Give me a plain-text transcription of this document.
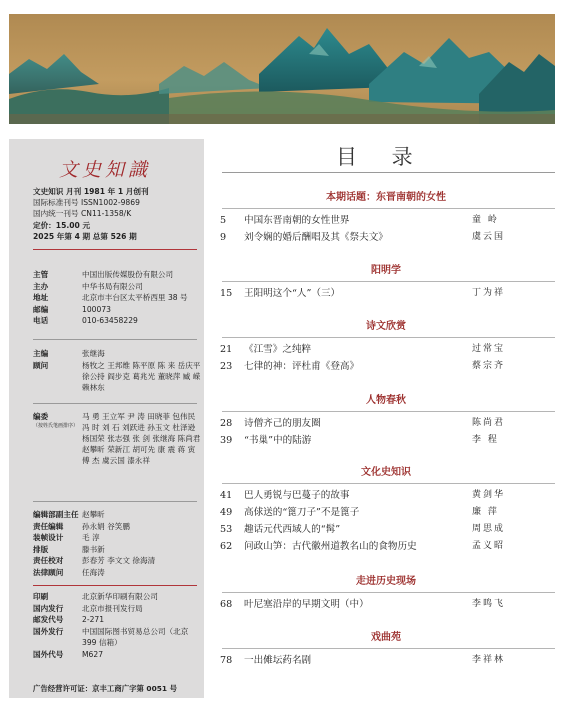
文史知識
文史知识 月刊 1981 年 1 月创刊
国际标准刊号 ISSN1002-9869
国内统一刊号 CN11-1358/K
定价：15.00 元
2025 年第 4 期 总第 526 期
主管	中国出版传媒股份有限公司
主办	中华书局有限公司
地址	北京市丰台区太平桥西里 38 号
邮编	100073
电话	010-63458229
主编	张继海
顾问	杨牧之 王邦维 陈平原 陈 来 岳庆平 徐公持 阎步克 葛兆光 董晓萍 臧 嵘 赖林东
编委
（按姓氏笔画排序）
马 勇 王立军 尹 涛 田晓菲 包伟民 冯 时 刘 石 刘跃进 孙玉文 杜泽逊 杨国荣 张志强 张 剑 张继海 陈尚君 赵攀昕 荣新江 胡可先 康 震 蒋 寅 傅 杰 虞云国 漆永祥
编辑部副主任 赵攀昕
责任编辑	孙永娟 谷笑鹏
装帧设计	毛 淳
排版	滕书新
责任校对	彭春芳 李文文 徐海清
法律顾问	任海涛
印刷	北京新华印刷有限公司
国内发行	北京市报刊发行局
邮发代号	2-271
国外发行	中国国际图书贸易总公司（北京 399 信箱）
国外代号	M627
广告经营许可证：京丰工商广字第 0051 号
目 录
本期话题：东晋南朝的女性
5	中国东晋南朝的女性世界	童 岭
9	刘令娴的婚后酬唱及其《祭夫文》	虞云国
阳明学
15	王阳明这个“人”（三）	丁为祥
诗文欣赏
21	《江雪》之纯粹	过常宝
23	七律的神：评杜甫《登高》	蔡宗齐
人物春秋
28	诗僧齐己的朋友圈	陈尚君
39	“书巢”中的陆游	李 程
文化史知识
41	巴人勇锐与巴蔓子的故事	黄剑华
49	高俅送的“篦刀子”不是篦子	廉 萍
53	趣话元代西域人的“髯”	周思成
62	问政山笋：古代徽州道教名山的食物历史	孟义昭
走进历史现场
68	叶尼塞沿岸的早期文明（中）	李鸣飞
戏曲苑
78	一出傩坛药名剧	李祥林
